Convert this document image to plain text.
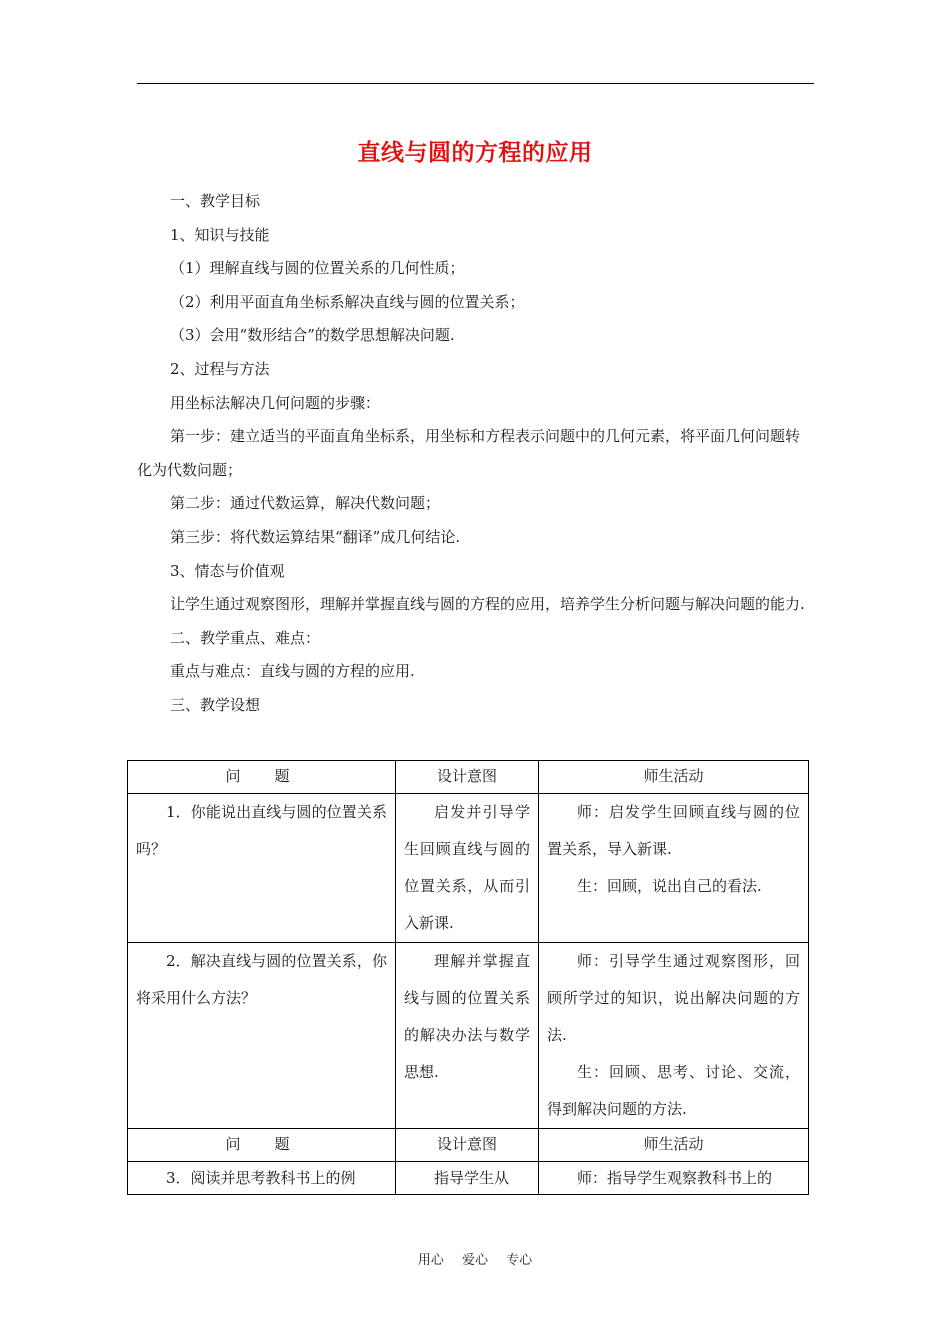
直线与圆的方程的应用

一、教学目标

1、知识与技能

（1）理解直线与圆的位置关系的几何性质；

（2）利用平面直角坐标系解决直线与圆的位置关系；

（3）会用“数形结合”的数学思想解决问题.

2、过程与方法

用坐标法解决几何问题的步骤：

第一步：建立适当的平面直角坐标系，用坐标和方程表示问题中的几何元素，将平面几何问题转化为代数问题；

第二步：通过代数运算，解决代数问题；

第三步：将代数运算结果“翻译”成几何结论.

3、情态与价值观

让学生通过观察图形，理解并掌握直线与圆的方程的应用，培养学生分析问题与解决问题的能力.

二、教学重点、难点：

重点与难点：直线与圆的方程的应用.

三、教学设想

问题	设计意图	师生活动
1．你能说出直线与圆的位置关系吗？	启发并引导学生回顾直线与圆的位置关系，从而引入新课.	师：启发学生回顾直线与圆的位置关系，导入新课.
生：回顾，说出自己的看法.

2．解决直线与圆的位置关系，你将采用什么方法？	理解并掌握直线与圆的位置关系的解决办法与数学思想.	师：引导学生通过观察图形，回顾所学过的知识，说出解决问题的方法.
生：回顾、思考、讨论、交流，得到解决问题的方法.

问题	设计意图	师生活动
3．阅读并思考教科书上的例	指导学生从	师：指导学生观察教科书上的
用心 爱心 专心
